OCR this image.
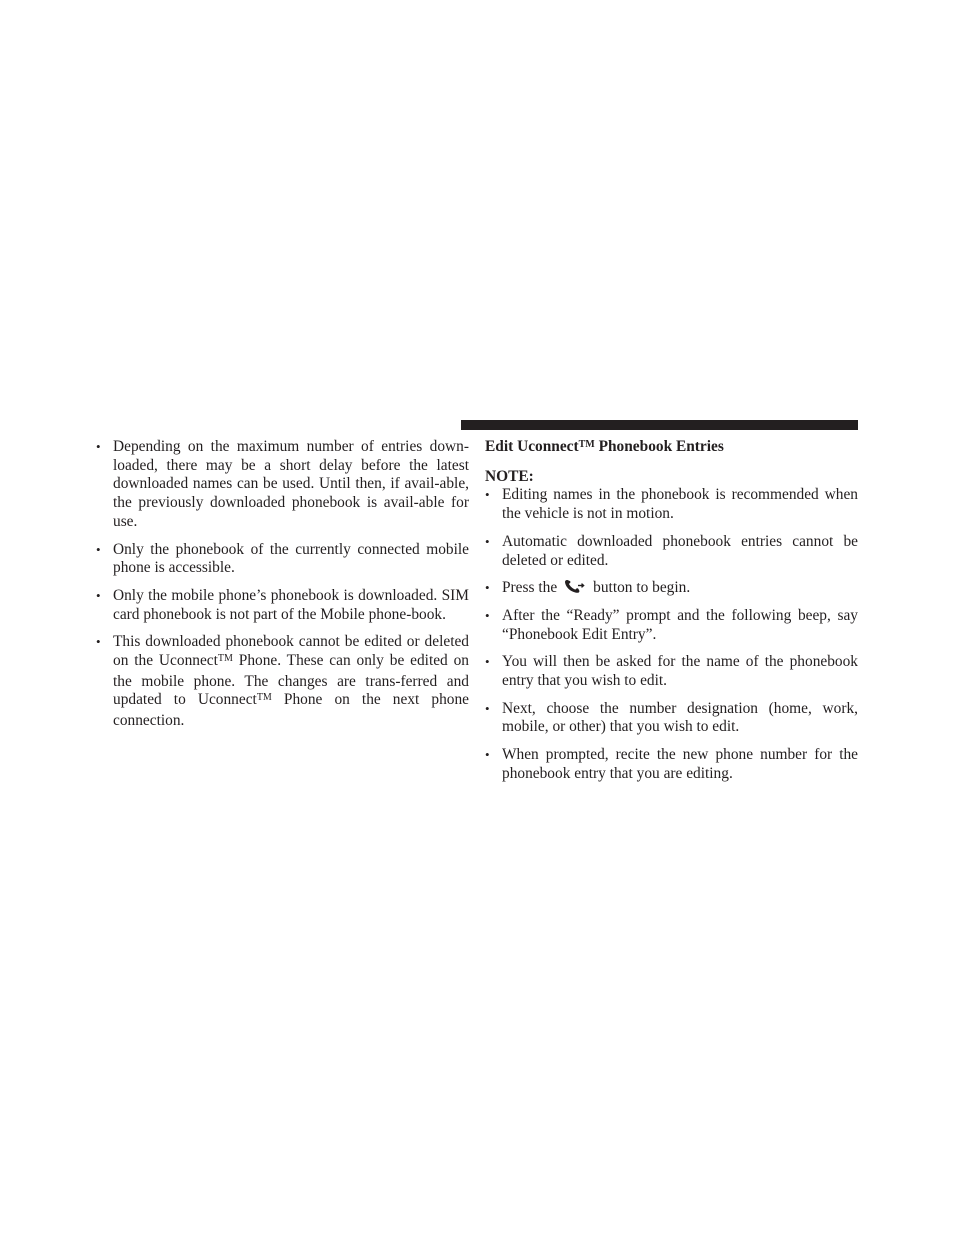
• Depending on the maximum number of entries down-loaded, there may be a short delay before the latest downloaded names can be used. Until then, if avail-able, the previously downloaded phonebook is avail-able for use.
• Only the phonebook of the currently connected mobile phone is accessible.
• Only the mobile phone’s phonebook is downloaded. SIM card phonebook is not part of the Mobile phone-book.
• This downloaded phonebook cannot be edited or deleted on the Uconnect™ Phone. These can only be edited on the mobile phone. The changes are trans-ferred and updated to Uconnect™ Phone on the next phone connection.

Edit Uconnect™ Phonebook Entries

NOTE:

• Editing names in the phonebook is recommended when the vehicle is not in motion.
• Automatic downloaded phonebook entries cannot be deleted or edited.
• Press the button to begin.
• After the “Ready” prompt and the following beep, say “Phonebook Edit Entry”.
• You will then be asked for the name of the phonebook entry that you wish to edit.
• Next, choose the number designation (home, work, mobile, or other) that you wish to edit.
• When prompted, recite the new phone number for the phonebook entry that you are editing.
